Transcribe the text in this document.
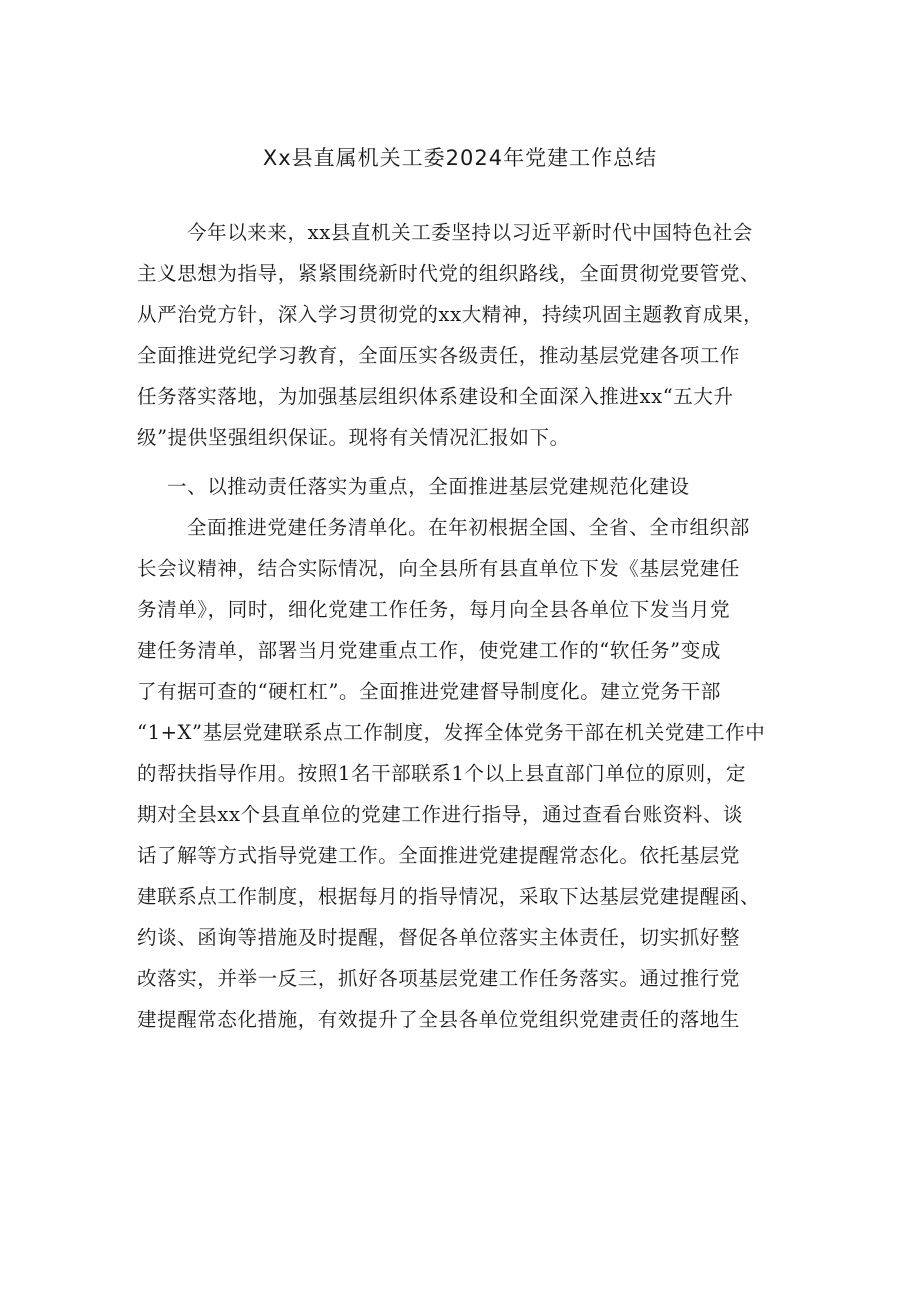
Xx县直属机关工委2024年党建工作总结
今年以来来，xx县直机关工委坚持以习近平新时代中国特色社会
主义思想为指导，紧紧围绕新时代党的组织路线，全面贯彻党要管党、
从严治党方针，深入学习贯彻党的xx大精神，持续巩固主题教育成果，
全面推进党纪学习教育，全面压实各级责任，推动基层党建各项工作
任务落实落地，为加强基层组织体系建设和全面深入推进xx“五大升
级”提供坚强组织保证。现将有关情况汇报如下。
一、以推动责任落实为重点，全面推进基层党建规范化建设
全面推进党建任务清单化。在年初根据全国、全省、全市组织部
长会议精神，结合实际情况，向全县所有县直单位下发《基层党建任
务清单》，同时，细化党建工作任务，每月向全县各单位下发当月党
建任务清单，部署当月党建重点工作，使党建工作的“软任务”变成
了有据可查的“硬杠杠”。全面推进党建督导制度化。建立党务干部
“1+X”基层党建联系点工作制度，发挥全体党务干部在机关党建工作中
的帮扶指导作用。按照1名干部联系1个以上县直部门单位的原则，定
期对全县xx个县直单位的党建工作进行指导，通过查看台账资料、谈
话了解等方式指导党建工作。全面推进党建提醒常态化。依托基层党
建联系点工作制度，根据每月的指导情况，采取下达基层党建提醒函、
约谈、函询等措施及时提醒，督促各单位落实主体责任，切实抓好整
改落实，并举一反三，抓好各项基层党建工作任务落实。通过推行党
建提醒常态化措施，有效提升了全县各单位党组织党建责任的落地生
